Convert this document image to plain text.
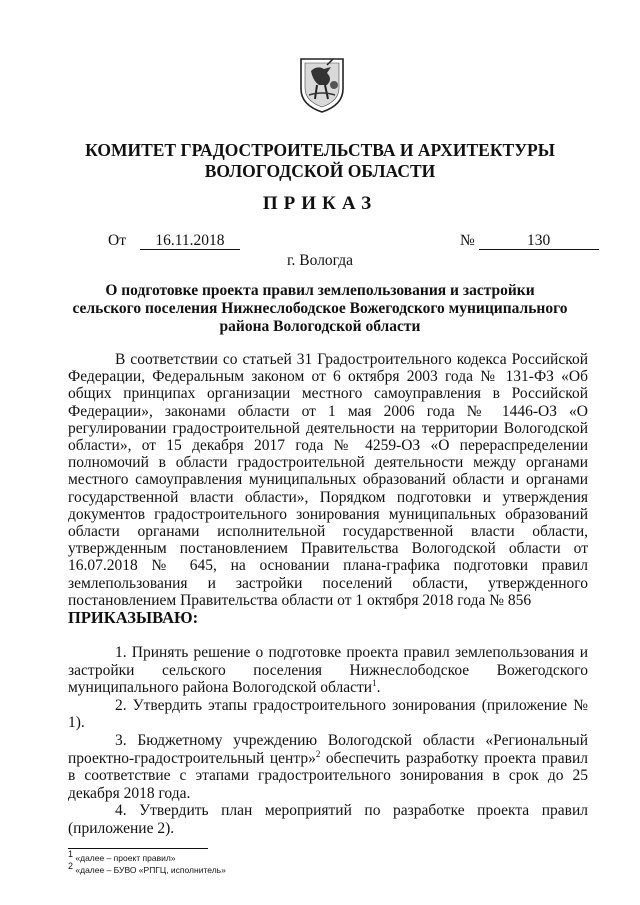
КОМИТЕТ ГРАДОСТРОИТЕЛЬСТВА И АРХИТЕКТУРЫ
ВОЛОГОДСКОЙ ОБЛАСТИ
ПРИКАЗ
От 16.11.2018	№	130
г. Вологда
О подготовке проекта правил землепользования и застройки
сельского поселения Нижнеслободское Вожегодского муниципального
района Вологодской области

В соответствии со статьей 31 Градостроительного кодекса Российской Федерации, Федеральным законом от 6 октября 2003 года № 131-ФЗ «Об общих принципах организации местного самоуправления в Российской Федерации», законами области от 1 мая 2006 года № 1446-ОЗ «О регулировании градостроительной деятельности на территории Вологодской области», от 15 декабря 2017 года № 4259-ОЗ «О перераспределении полномочий в области градостроительной деятельности между органами местного самоуправления муниципальных образований области и органами государственной власти области», Порядком подготовки и утверждения документов градостроительного зонирования муниципальных образований области органами исполнительной государственной власти области, утвержденным постановлением Правительства Вологодской области от 16.07.2018 № 645, на основании плана-графика подготовки правил землепользования и застройки поселений области, утвержденного постановлением Правительства области от 1 октября 2018 года № 856

ПРИКАЗЫВАЮ:

1. Принять решение о подготовке проекта правил землепользования и застройки сельского поселения Нижнеслободское Вожегодского муниципального района Вологодской области$^1$.

2. Утвердить этапы градостроительного зонирования (приложение № 1).

3. Бюджетному учреждению Вологодской области «Региональный проектно-градостроительный центр»$^2$ обеспечить разработку проекта правил в соответствие с этапами градостроительного зонирования в срок до 25 декабря 2018 года.

4. Утвердить план мероприятий по разработке проекта правил (приложение 2).

$^1$ «далее – проект правил»
$^2$ «далее – БУВО «РПГЦ, исполнитель»
